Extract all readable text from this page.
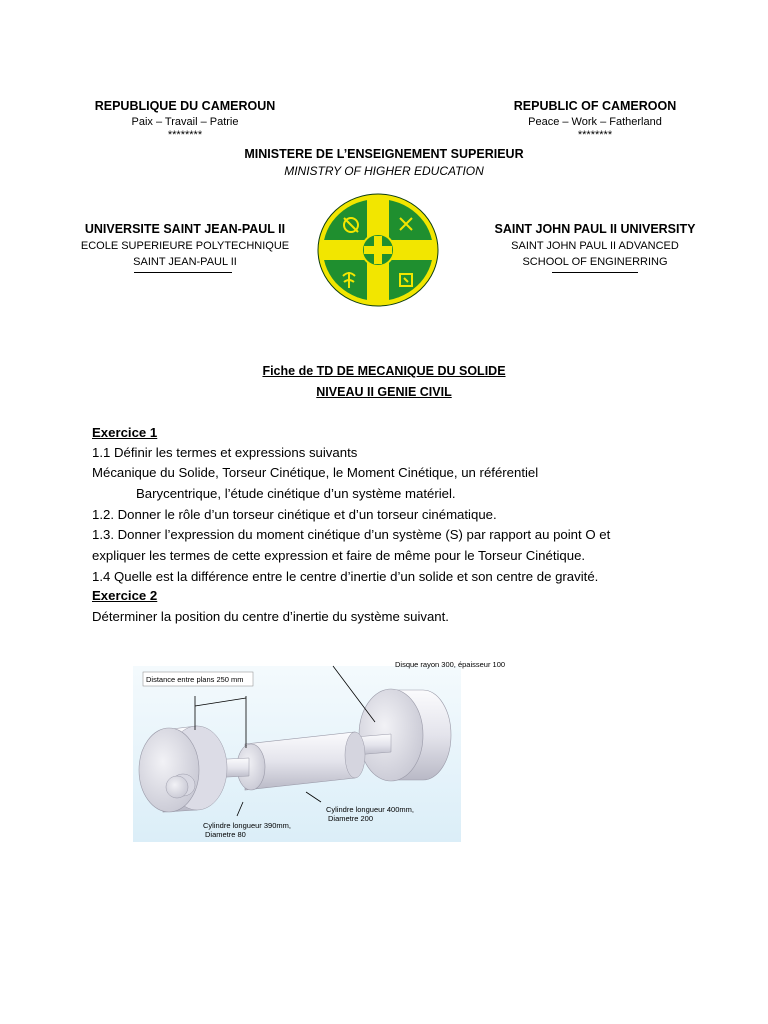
REPUBLIQUE DU CAMEROUN
Paix – Travail – Patrie
********
REPUBLIC OF CAMEROON
Peace – Work – Fatherland
********
MINISTERE DE L’ENSEIGNEMENT SUPERIEUR
MINISTRY OF HIGHER EDUCATION
UNIVERSITE SAINT JEAN-PAUL II
ECOLE SUPERIEURE POLYTECHNIQUE
SAINT JEAN-PAUL II
SAINT JOHN PAUL II UNIVERSITY
SAINT JOHN PAUL II ADVANCED
SCHOOL OF ENGINERRING
Fiche de TD DE MECANIQUE DU SOLIDE
NIVEAU II GENIE CIVIL
Exercice 1
1.1 Définir les termes et expressions suivants
Mécanique du Solide, Torseur Cinétique, le Moment Cinétique, un référentiel
Barycentrique, l’étude cinétique d’un système matériel.
1.2. Donner le rôle d’un torseur cinétique et d’un torseur cinématique.
1.3. Donner l’expression du moment cinétique d’un système (S) par rapport au point O et
expliquer les termes de cette expression et faire de même pour le Torseur Cinétique.
1.4 Quelle est la différence entre le centre d’inertie d’un solide et son centre de gravité.
Exercice 2
Déterminer la position du centre d’inertie du système suivant.
Disque rayon 300, épaisseur 100
Distance entre plans 250 mm
Cylindre longueur 400mm,
Diametre 200
Cylindre longueur 390mm,
Diametre 80
